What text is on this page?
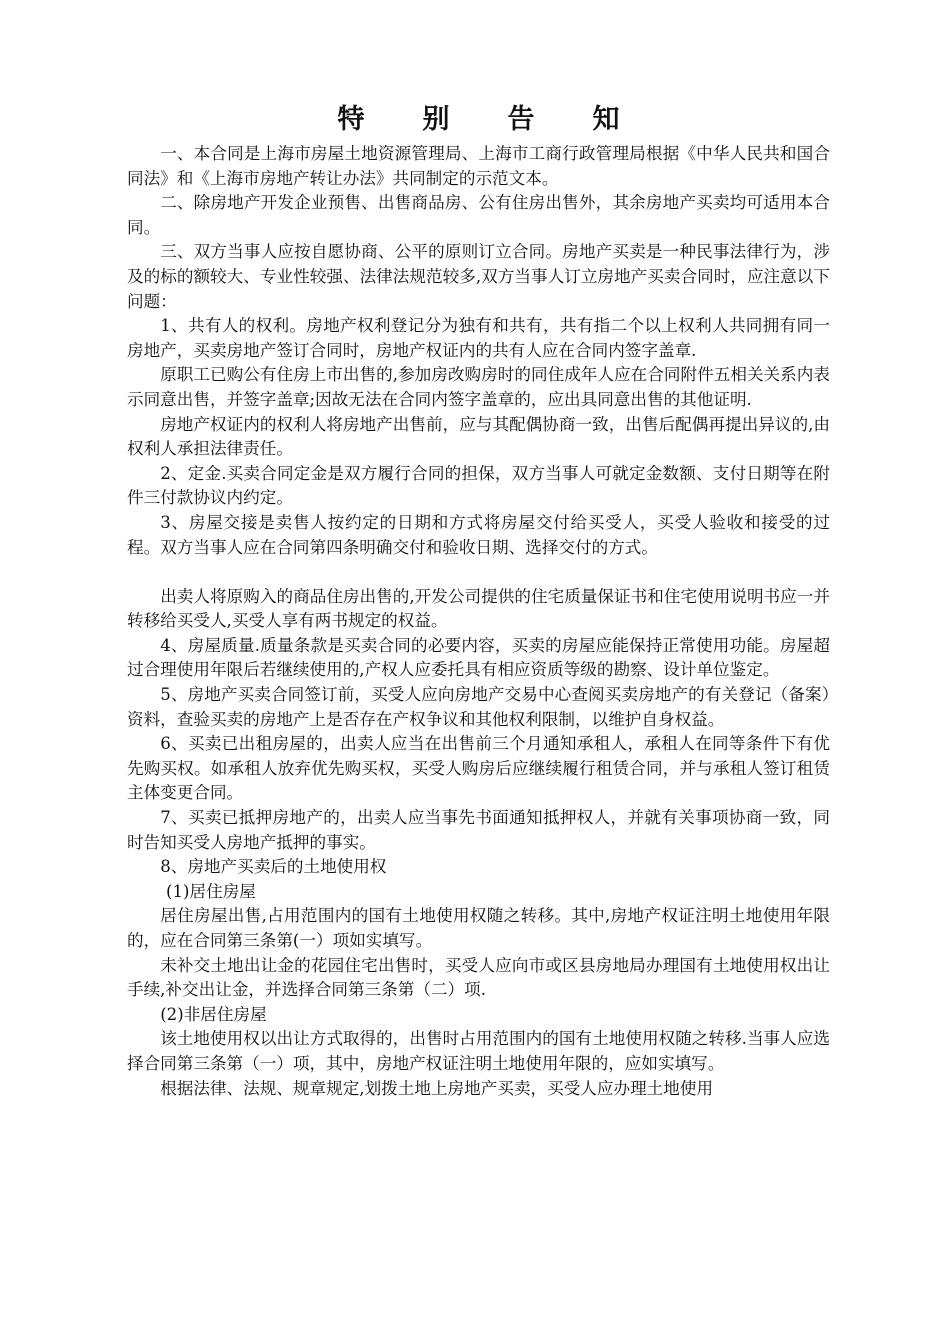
特 别 告 知

一、本合同是上海市房屋土地资源管理局、上海市工商行政管理局根据《中华人民共和国合同法》和《上海市房地产转让办法》共同制定的示范文本。

二、除房地产开发企业预售、出售商品房、公有住房出售外，其余房地产买卖均可适用本合同。

三、双方当事人应按自愿协商、公平的原则订立合同。房地产买卖是一种民事法律行为，涉及的标的额较大、专业性较强、法律法规范较多,双方当事人订立房地产买卖合同时，应注意以下问题：

1、共有人的权利。房地产权利登记分为独有和共有，共有指二个以上权利人共同拥有同一房地产，买卖房地产签订合同时，房地产权证内的共有人应在合同内签字盖章.

原职工已购公有住房上市出售的,参加房改购房时的同住成年人应在合同附件五相关关系内表示同意出售，并签字盖章;因故无法在合同内签字盖章的，应出具同意出售的其他证明.

房地产权证内的权利人将房地产出售前，应与其配偶协商一致，出售后配偶再提出异议的,由权利人承担法律责任。

2、定金.买卖合同定金是双方履行合同的担保，双方当事人可就定金数额、支付日期等在附件三付款协议内约定。

3、房屋交接是卖售人按约定的日期和方式将房屋交付给买受人，买受人验收和接受的过程。双方当事人应在合同第四条明确交付和验收日期、选择交付的方式。

出卖人将原购入的商品住房出售的,开发公司提供的住宅质量保证书和住宅使用说明书应一并转移给买受人,买受人享有两书规定的权益。

4、房屋质量.质量条款是买卖合同的必要内容，买卖的房屋应能保持正常使用功能。房屋超过合理使用年限后若继续使用的,产权人应委托具有相应资质等级的勘察、设计单位鉴定。

5、房地产买卖合同签订前，买受人应向房地产交易中心查阅买卖房地产的有关登记（备案）资料，查验买卖的房地产上是否存在产权争议和其他权利限制，以维护自身权益。

6、买卖已出租房屋的，出卖人应当在出售前三个月通知承租人，承租人在同等条件下有优先购买权。如承租人放弃优先购买权，买受人购房后应继续履行租赁合同，并与承租人签订租赁主体变更合同。

7、买卖已抵押房地产的，出卖人应当事先书面通知抵押权人，并就有关事项协商一致，同时告知买受人房地产抵押的事实。

8、房地产买卖后的土地使用权

(1)居住房屋

居住房屋出售,占用范围内的国有土地使用权随之转移。其中,房地产权证注明土地使用年限的，应在合同第三条第(一）项如实填写。

未补交土地出让金的花园住宅出售时，买受人应向市或区县房地局办理国有土地使用权出让手续,补交出让金，并选择合同第三条第（二）项.

(2)非居住房屋

该土地使用权以出让方式取得的，出售时占用范围内的国有土地使用权随之转移.当事人应选择合同第三条第（一）项，其中，房地产权证注明土地使用年限的，应如实填写。

根据法律、法规、规章规定,划拨土地上房地产买卖，买受人应办理土地使用
